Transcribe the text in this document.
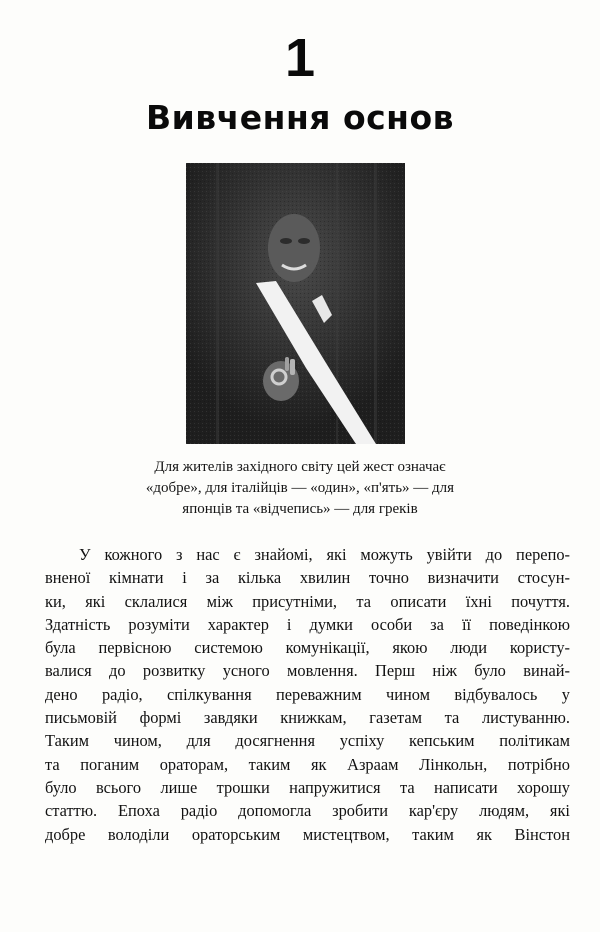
1
Вивчення основ
Для жителів західного світу цей жест означає
«добре», для італійців — «один», «п'ять» — для
японців та «відчепись» — для греків
У кожного з нас є знайомі, які можуть увійти до перепо-
вненої кімнати і за кілька хвилин точно визначити стосун-
ки, які склалися між присутніми, та описати їхні почуття.
Здатність розуміти характер і думки особи за її поведінкою
була первісною системою комунікації, якою люди користу-
валися до розвитку усного мовлення. Перш ніж було винай-
дено радіо, спілкування переважним чином відбувалось у
письмовій формі завдяки книжкам, газетам та листуванню.
Таким чином, для досягнення успіху кепським політикам
та поганим ораторам, таким як Азраам Лінкольн, потрібно
було всього лише трошки напружитися та написати хорошу
статтю. Епоха радіо допомогла зробити кар'єру людям, які
добре володіли ораторським мистецтвом, таким як Вінстон
